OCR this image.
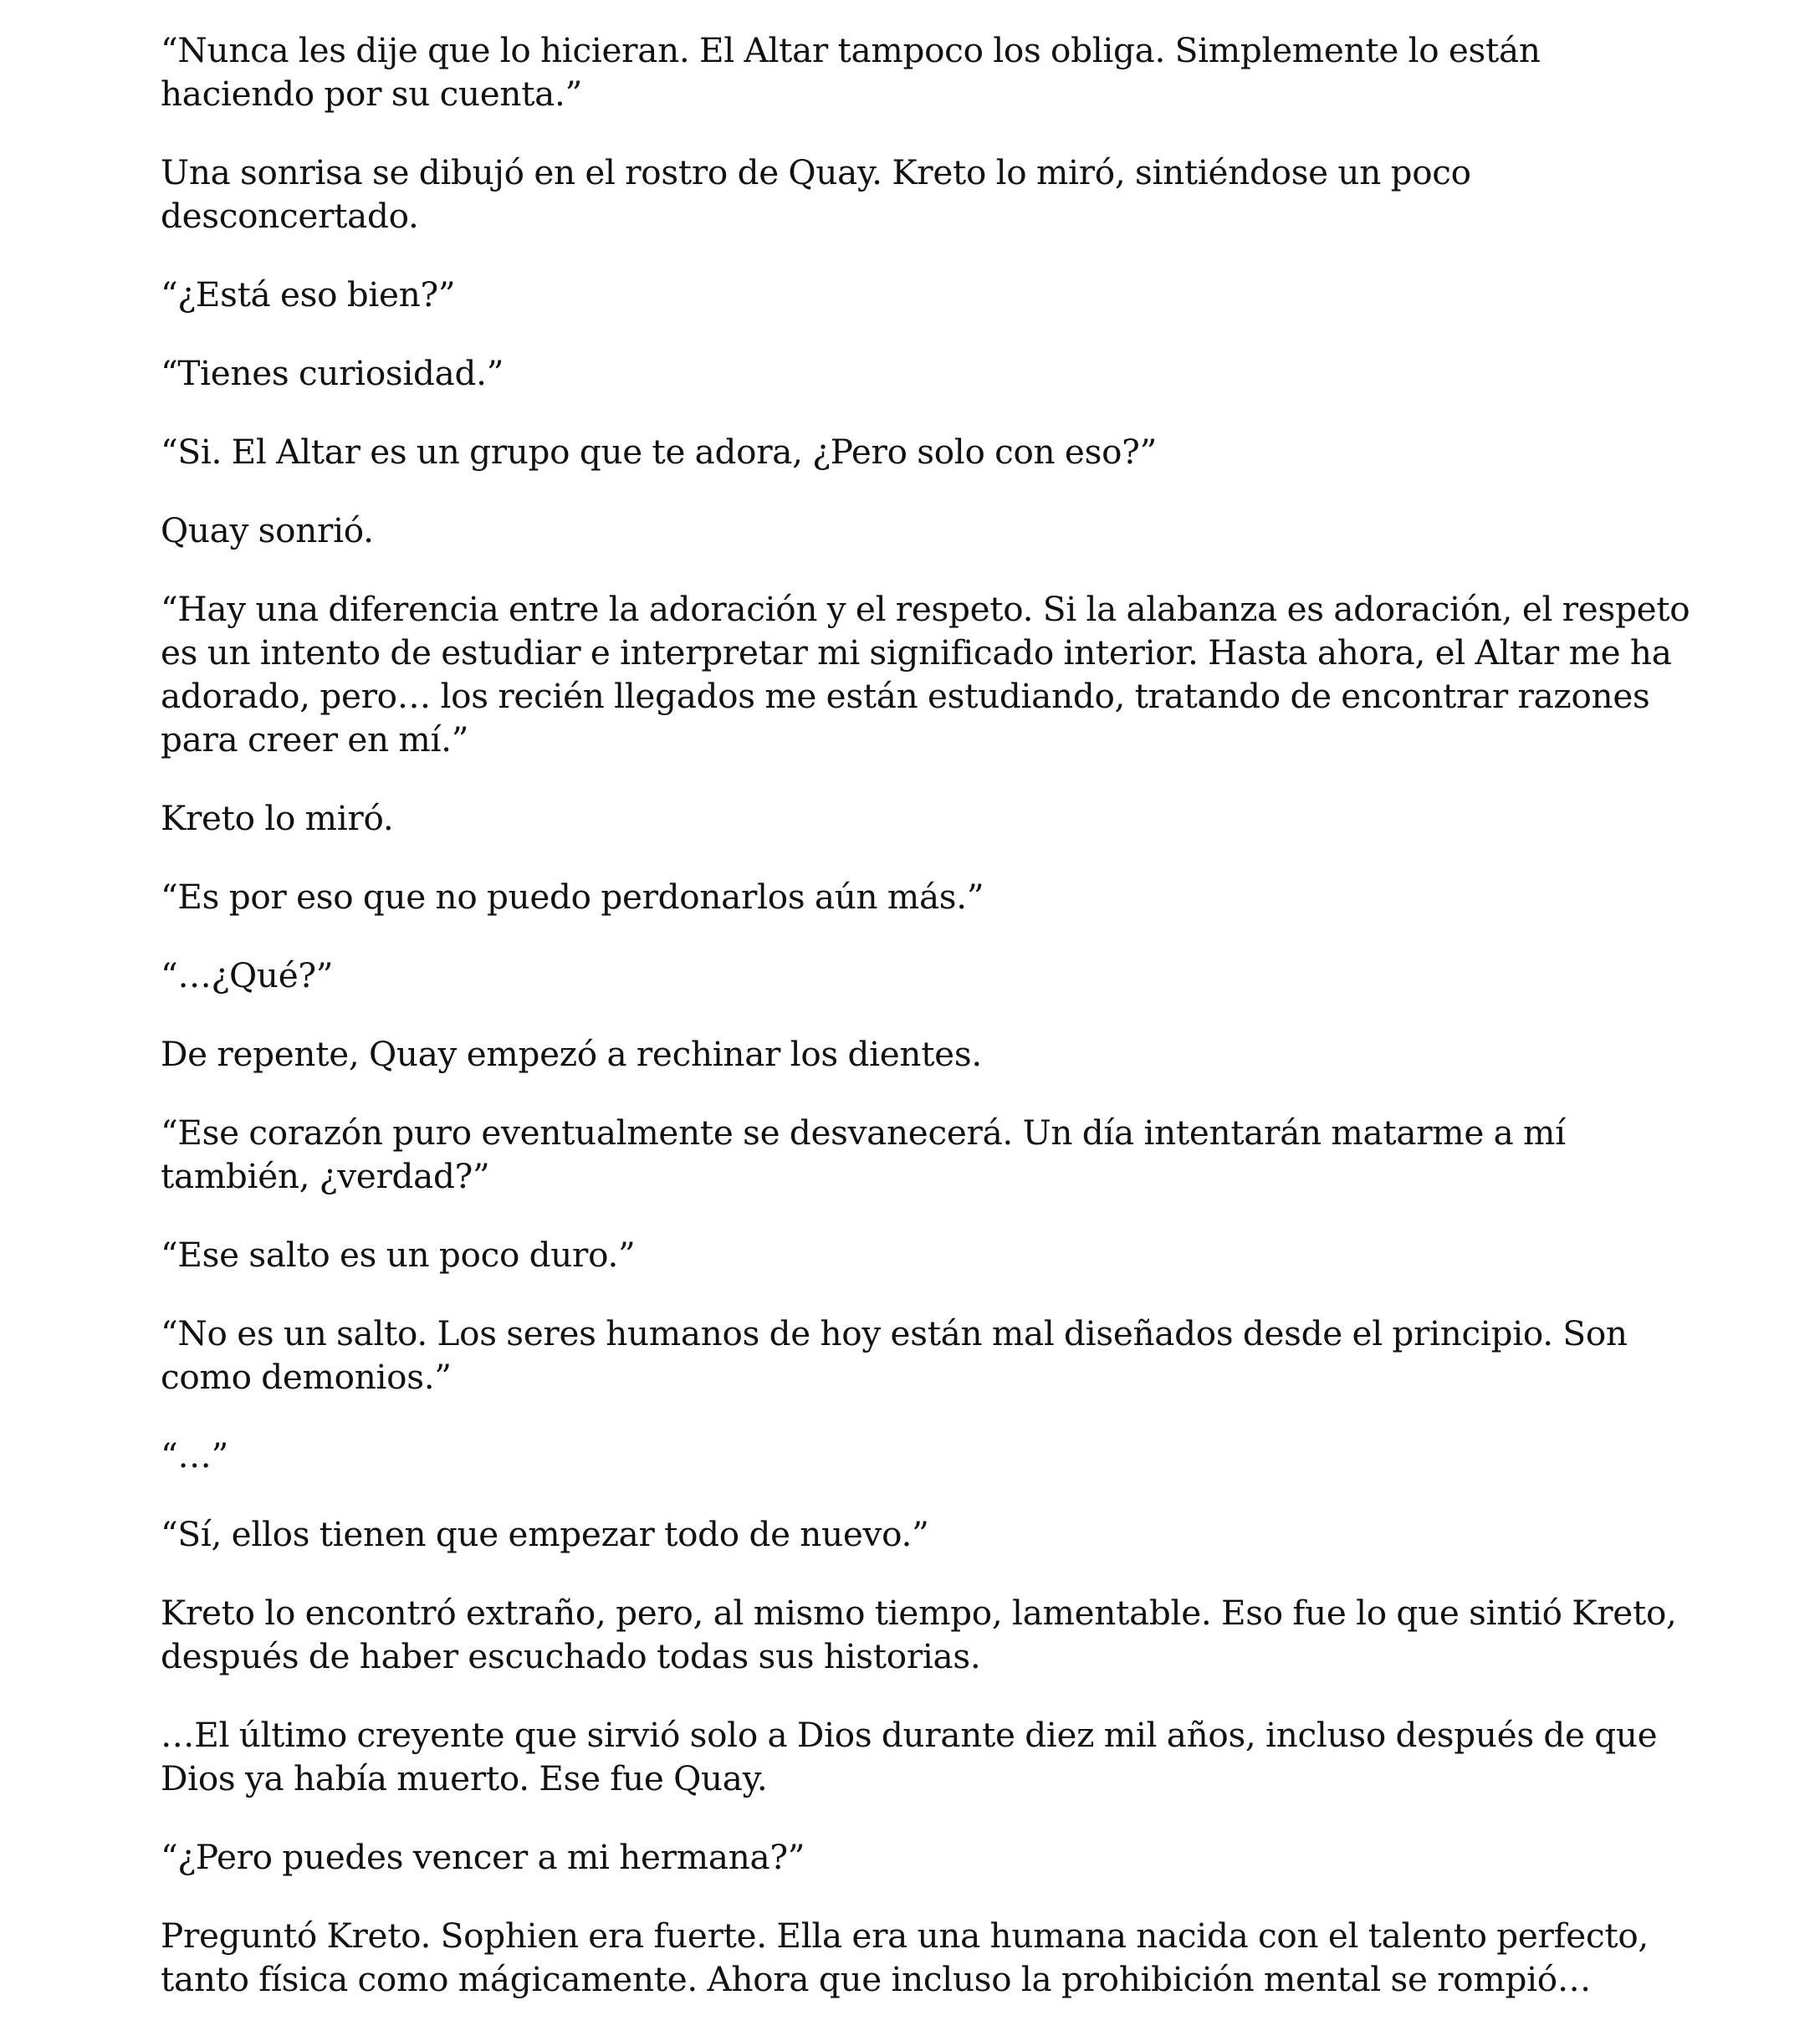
“Nunca les dije que lo hicieran. El Altar tampoco los obliga. Simplemente lo están haciendo por su cuenta.”

Una sonrisa se dibujó en el rostro de Quay. Kreto lo miró, sintiéndose un poco desconcertado.

“¿Está eso bien?”

“Tienes curiosidad.”

“Si. El Altar es un grupo que te adora, ¿Pero solo con eso?”

Quay sonrió.

“Hay una diferencia entre la adoración y el respeto. Si la alabanza es adoración, el respeto es un intento de estudiar e interpretar mi significado interior. Hasta ahora, el Altar me ha adorado, pero… los recién llegados me están estudiando, tratando de encontrar razones para creer en mí.”

Kreto lo miró.

“Es por eso que no puedo perdonarlos aún más.”

“…¿Qué?”

De repente, Quay empezó a rechinar los dientes.

“Ese corazón puro eventualmente se desvanecerá. Un día intentarán matarme a mí también, ¿verdad?”

“Ese salto es un poco duro.”

“No es un salto. Los seres humanos de hoy están mal diseñados desde el principio. Son como demonios.”

“…”

“Sí, ellos tienen que empezar todo de nuevo.”

Kreto lo encontró extraño, pero, al mismo tiempo, lamentable. Eso fue lo que sintió Kreto, después de haber escuchado todas sus historias.

…El último creyente que sirvió solo a Dios durante diez mil años, incluso después de que Dios ya había muerto. Ese fue Quay.

“¿Pero puedes vencer a mi hermana?”

Preguntó Kreto. Sophien era fuerte. Ella era una humana nacida con el talento perfecto, tanto física como mágicamente. Ahora que incluso la prohibición mental se rompió…
